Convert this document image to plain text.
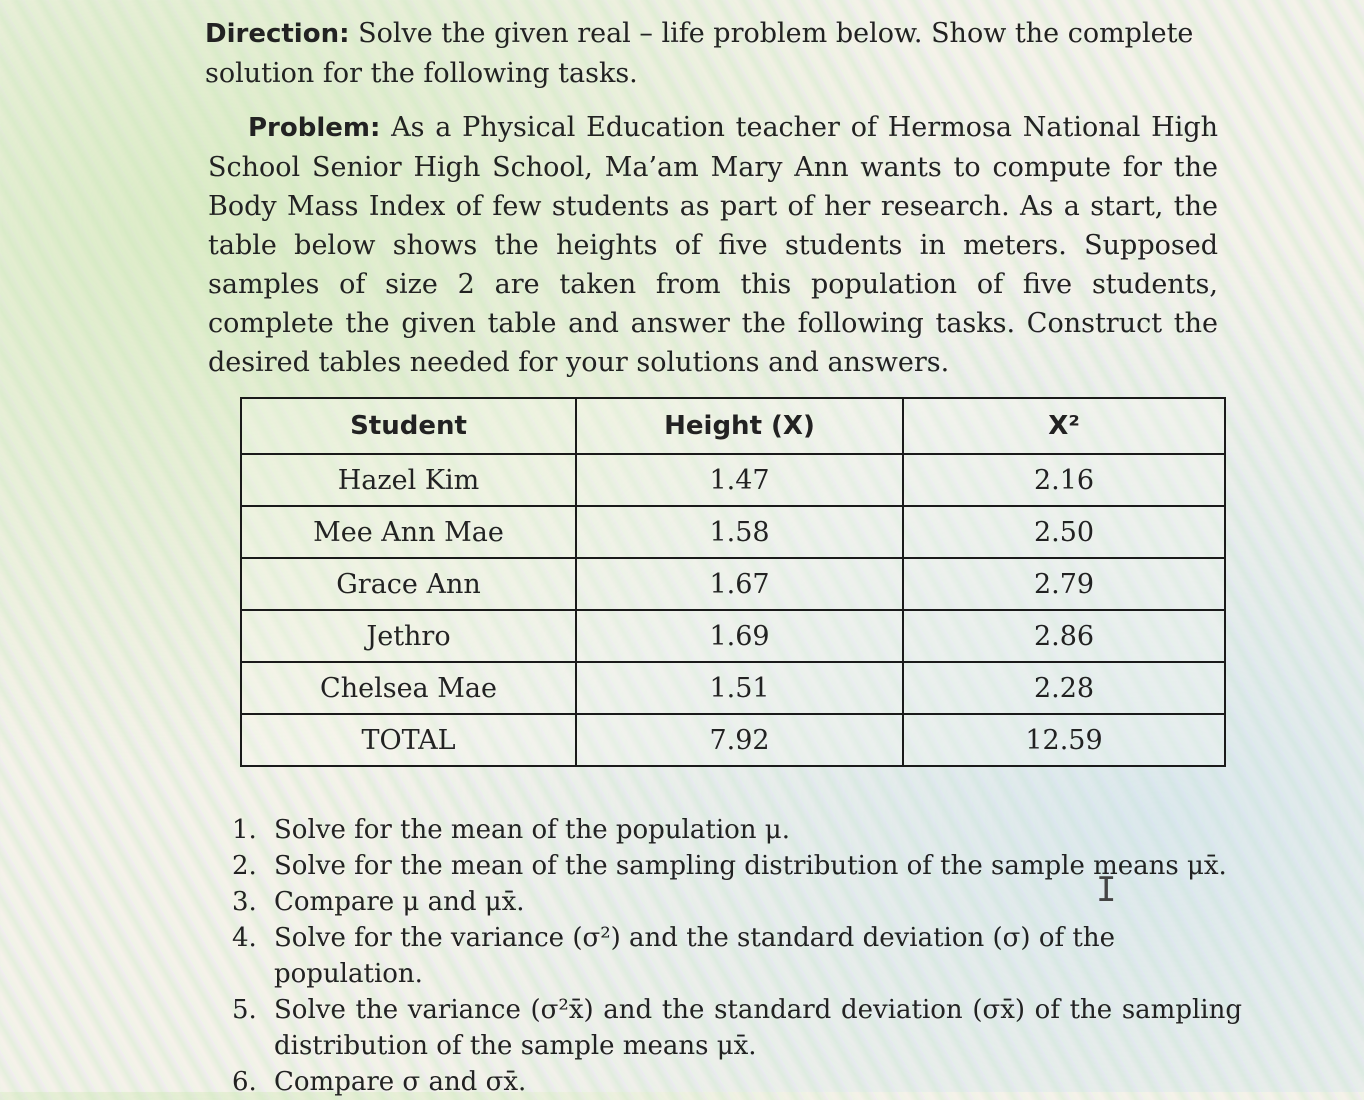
Direction: Solve the given real – life problem below. Show the complete solution for the following tasks.
Problem: As a Physical Education teacher of Hermosa National High School Senior High School, Ma’am Mary Ann wants to compute for the Body Mass Index of few students as part of her research. As a start, the table below shows the heights of five students in meters. Supposed samples of size 2 are taken from this population of five students, complete the given table and answer the following tasks. Construct the desired tables needed for your solutions and answers.
Student	Height (X)	X²
Hazel Kim	1.47	2.16
Mee Ann Mae	1.58	2.50
Grace Ann	1.67	2.79
Jethro	1.69	2.86
Chelsea Mae	1.51	2.28
TOTAL	7.92	12.59
1. Solve for the mean of the population μ.
2. Solve for the mean of the sampling distribution of the sample means μx̄.
3. Compare μ and μx̄.
4. Solve for the variance (σ²) and the standard deviation (σ) of the population.
5. Solve the variance (σ²x̄) and the standard deviation (σx̄) of the sampling distribution of the sample means μx̄.
6. Compare σ and σx̄.
I
